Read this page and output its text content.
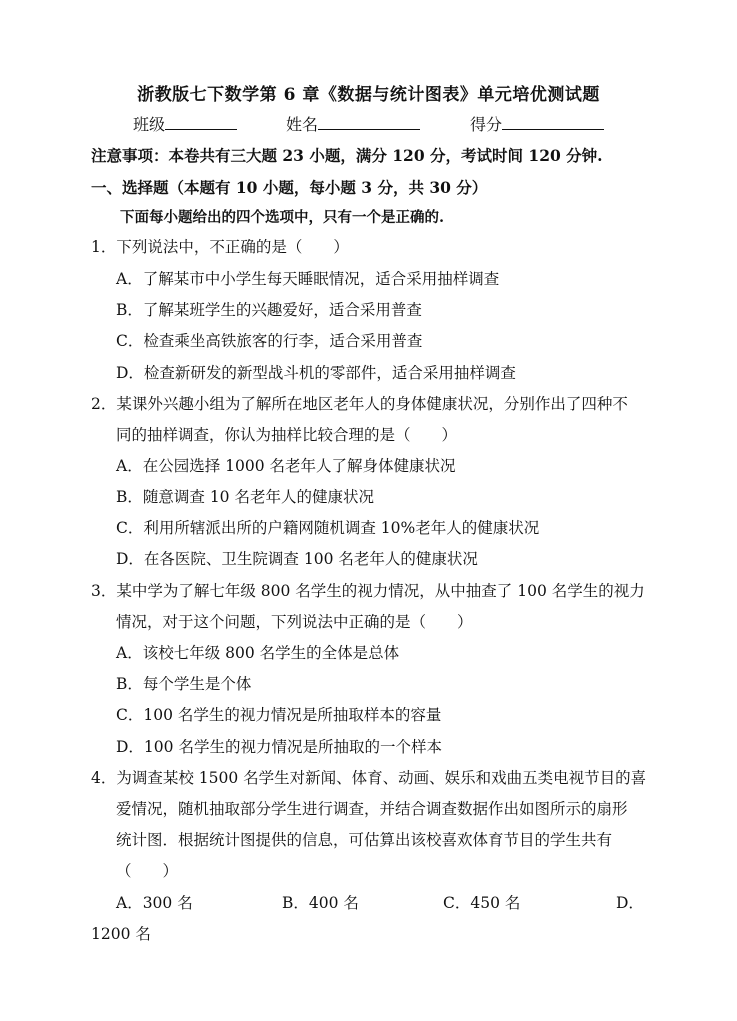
浙教版七下数学第 6 章《数据与统计图表》单元培优测试题
班级	姓名	得分
注意事项：本卷共有三大题 23 小题，满分 120 分，考试时间 120 分钟.
一、选择题（本题有 10 小题，每小题 3 分，共 30 分）
下面每小题给出的四个选项中，只有一个是正确的.
1．下列说法中，不正确的是（　　）
A．了解某市中小学生每天睡眠情况，适合采用抽样调查
B．了解某班学生的兴趣爱好，适合采用普查
C．检查乘坐高铁旅客的行李，适合采用普查
D．检查新研发的新型战斗机的零部件，适合采用抽样调查
2．某课外兴趣小组为了解所在地区老年人的身体健康状况，分别作出了四种不
同的抽样调查，你认为抽样比较合理的是（　　）
A．在公园选择 1000 名老年人了解身体健康状况
B．随意调查 10 名老年人的健康状况
C．利用所辖派出所的户籍网随机调查 10%老年人的健康状况
D．在各医院、卫生院调查 100 名老年人的健康状况
3．某中学为了解七年级 800 名学生的视力情况，从中抽查了 100 名学生的视力
情况，对于这个问题，下列说法中正确的是（　　）
A．该校七年级 800 名学生的全体是总体
B．每个学生是个体
C．100 名学生的视力情况是所抽取样本的容量
D．100 名学生的视力情况是所抽取的一个样本
4．为调查某校 1500 名学生对新闻、体育、动画、娱乐和戏曲五类电视节目的喜
爱情况，随机抽取部分学生进行调查，并结合调查数据作出如图所示的扇形
统计图．根据统计图提供的信息，可估算出该校喜欢体育节目的学生共有
（　　）
A．300 名	B．400 名	C．450 名	D．
1200 名
